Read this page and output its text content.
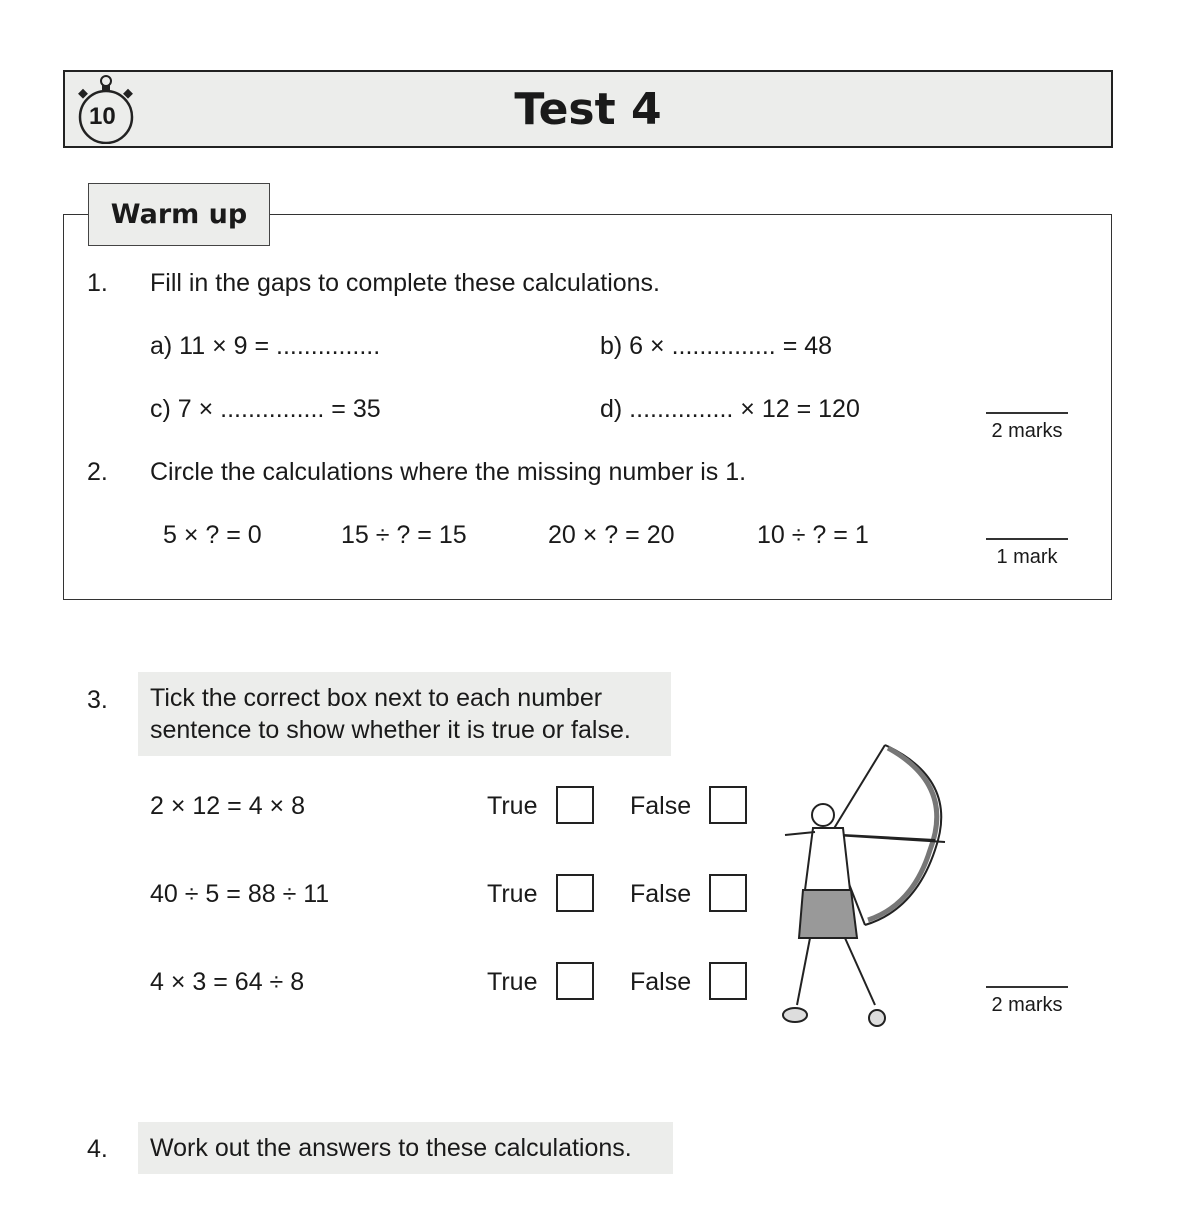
10	Test 4
Warm up
1. Fill in the gaps to complete these calculations.
a) 11 × 9 = ...............	b) 6 × ............... = 48
c) 7 × ............... = 35	d) ............... × 12 = 120
2 marks
2. Circle the calculations where the missing number is 1.
5 × ? = 0	15 ÷ ? = 15	20 × ? = 20	10 ÷ ? = 1
1 mark
3. Tick the correct box next to each number
sentence to show whether it is true or false.
2 × 12 = 4 × 8	True	False
40 ÷ 5 = 88 ÷ 11	True	False
4 × 3 = 64 ÷ 8	True	False
2 marks
4. Work out the answers to these calculations.
